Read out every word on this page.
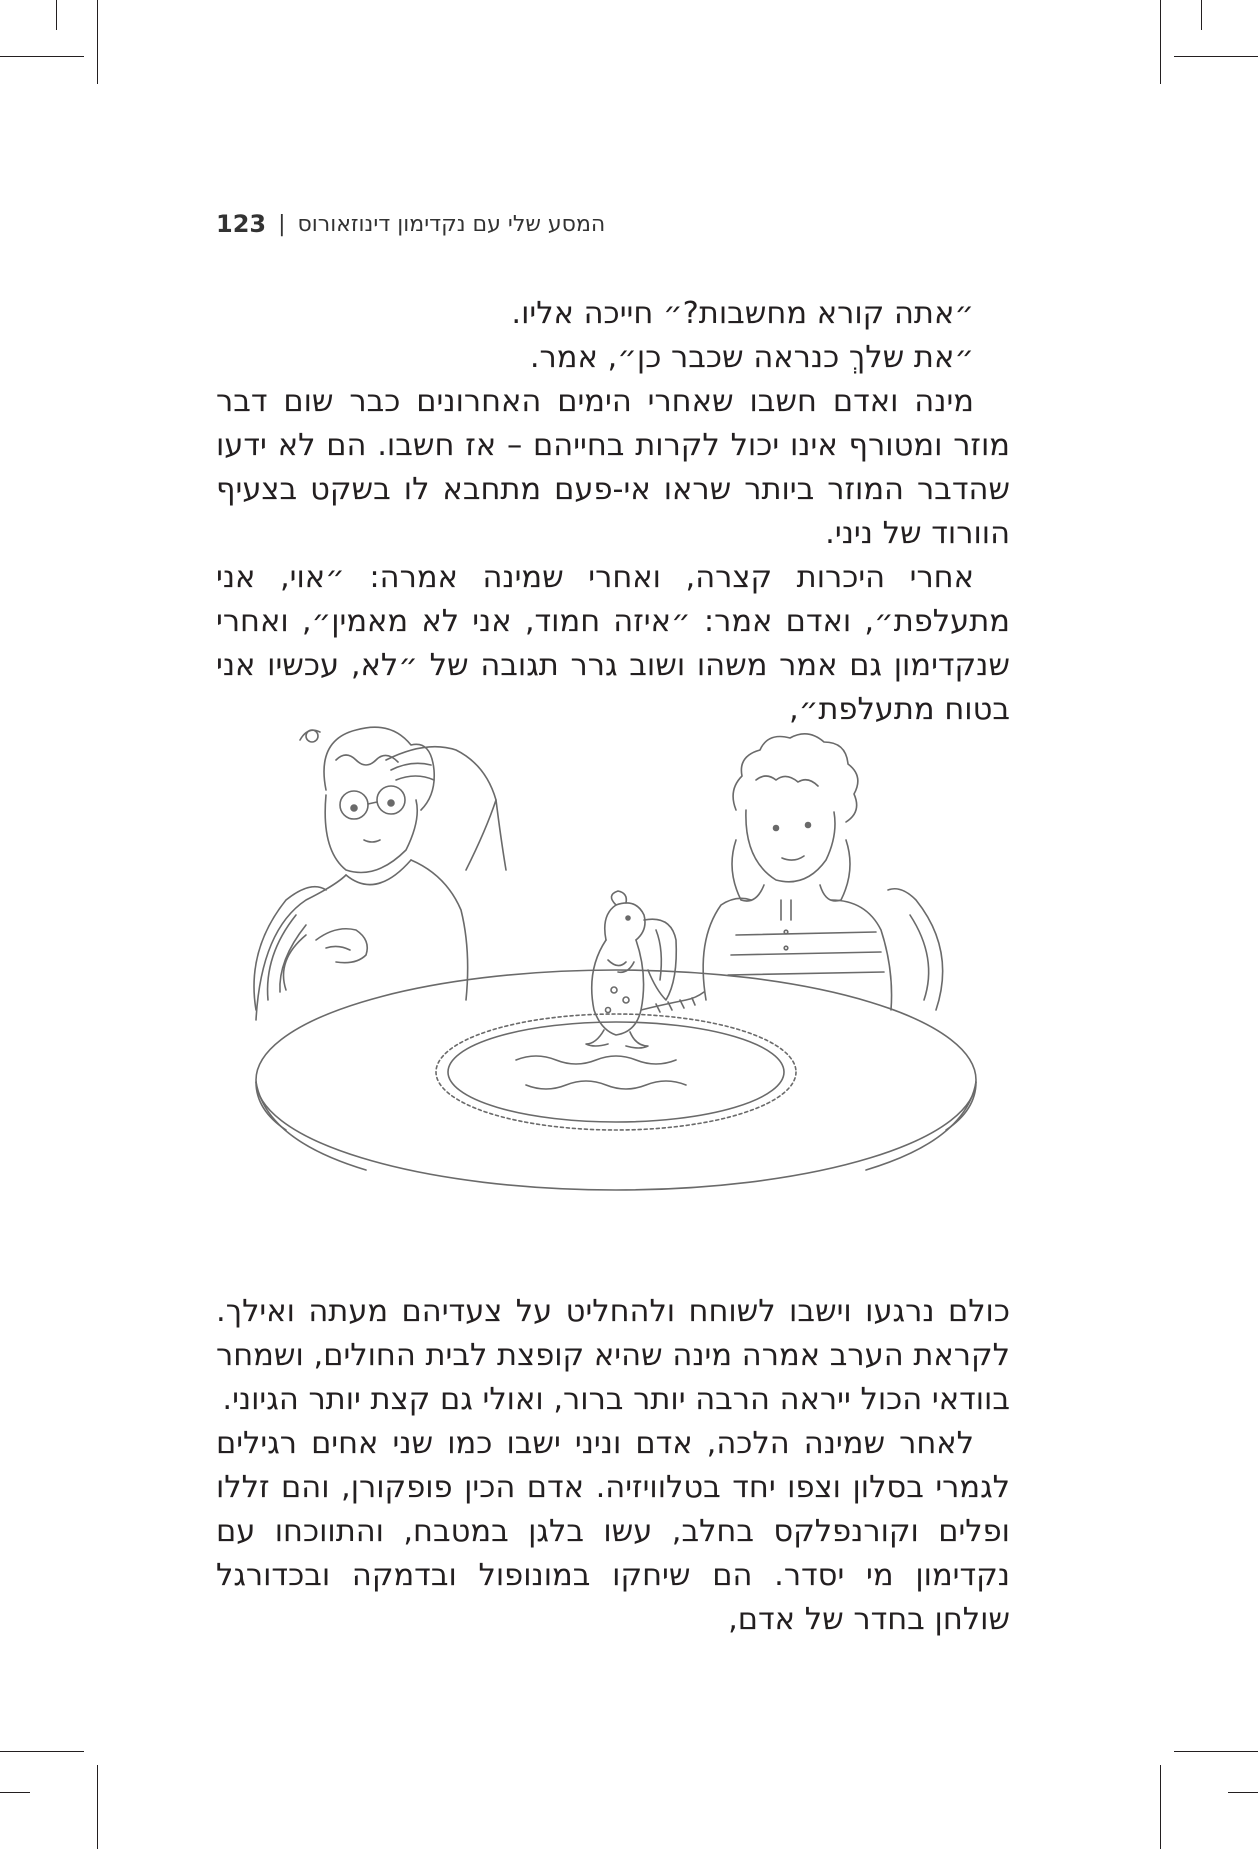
123 | המסע שלי עם נקדימון דינוזאורוס

״אתה קורא מחשבות?״ חייכה אליו.

״את שלךְ כנראה שכבר כן״, אמר.

מינה ואדם חשבו שאחרי הימים האחרונים כבר שום דבר מוזר ומטורף אינו יכול לקרות בחייהם – אז חשבו. הם לא ידעו שהדבר המוזר ביותר שראו אי-פעם מתחבא לו בשקט בצעיף הוורוד של ניני.

אחרי היכרות קצרה, ואחרי שמינה אמרה: ״אוי, אני מתעלפת״, ואדם אמר: ״איזה חמוד, אני לא מאמין״, ואחרי שנקדימון גם אמר משהו ושוב גרר תגובה של ״לא, עכשיו אני בטוח מתעלפת״,

כולם נרגעו וישבו לשוחח ולהחליט על צעדיהם מעתה ואילך. לקראת הערב אמרה מינה שהיא קופצת לבית החולים, ושמחר בוודאי הכול ייראה הרבה יותר ברור, ואולי גם קצת יותר הגיוני.

לאחר שמינה הלכה, אדם וניני ישבו כמו שני אחים רגילים לגמרי בסלון וצפו יחד בטלוויזיה. אדם הכין פופקורן, והם זללו ופלים וקורנפלקס בחלב, עשו בלגן במטבח, והתווכחו עם נקדימון מי יסדר. הם שיחקו במונופול ובדמקה ובכדורגל שולחן בחדר של אדם,
